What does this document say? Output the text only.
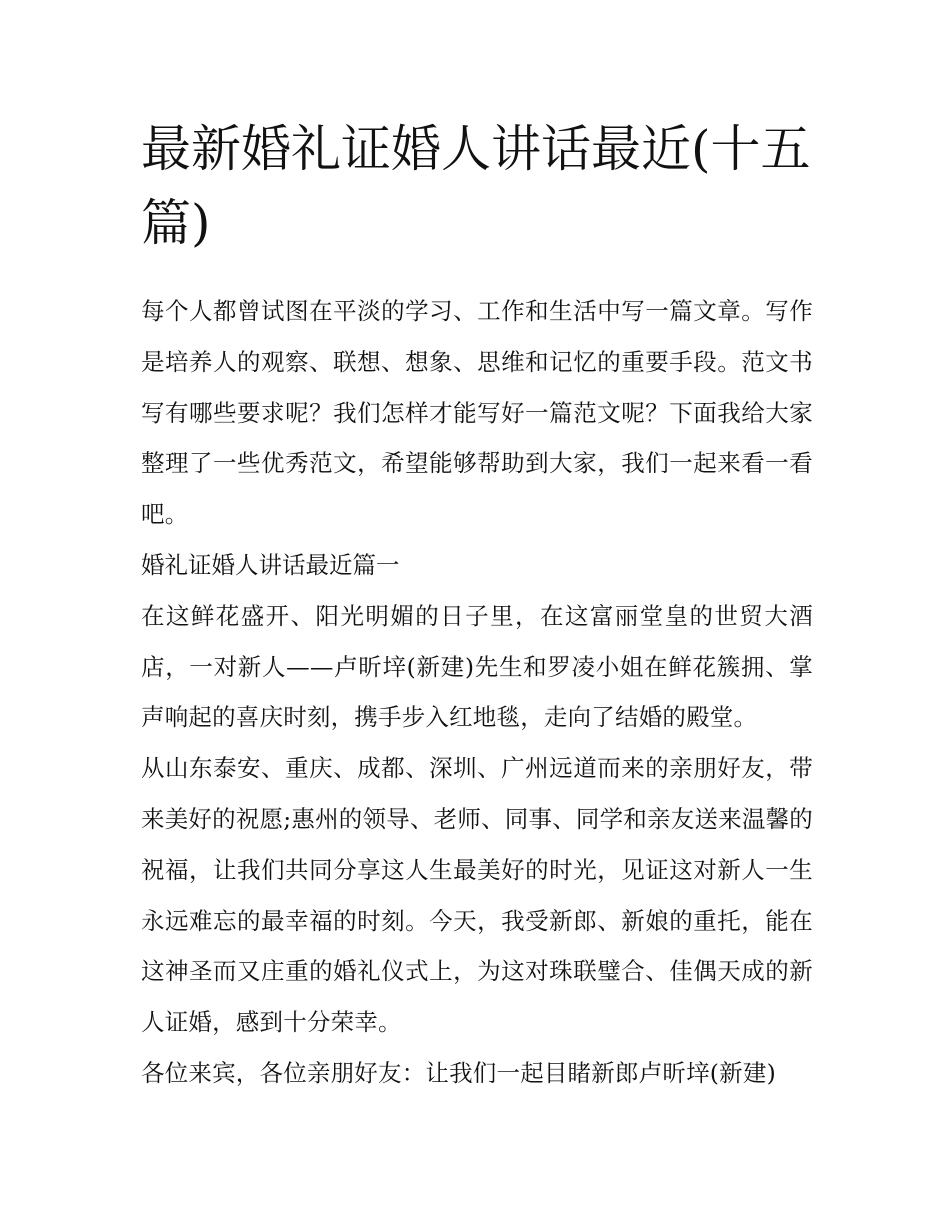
最新婚礼证婚人讲话最近(十五篇)

每个人都曾试图在平淡的学习、工作和生活中写一篇文章。写作是培养人的观察、联想、想象、思维和记忆的重要手段。范文书写有哪些要求呢？我们怎样才能写好一篇范文呢？下面我给大家整理了一些优秀范文，希望能够帮助到大家，我们一起来看一看吧。

婚礼证婚人讲话最近篇一

在这鲜花盛开、阳光明媚的日子里，在这富丽堂皇的世贸大酒店，一对新人——卢昕垶(新建)先生和罗凌小姐在鲜花簇拥、掌声响起的喜庆时刻，携手步入红地毯，走向了结婚的殿堂。

从山东泰安、重庆、成都、深圳、广州远道而来的亲朋好友，带来美好的祝愿;惠州的领导、老师、同事、同学和亲友送来温馨的祝福，让我们共同分享这人生最美好的时光，见证这对新人一生永远难忘的最幸福的时刻。今天，我受新郎、新娘的重托，能在这神圣而又庄重的婚礼仪式上，为这对珠联璧合、佳偶天成的新人证婚，感到十分荣幸。

各位来宾，各位亲朋好友：让我们一起目睹新郎卢昕垶(新建)
